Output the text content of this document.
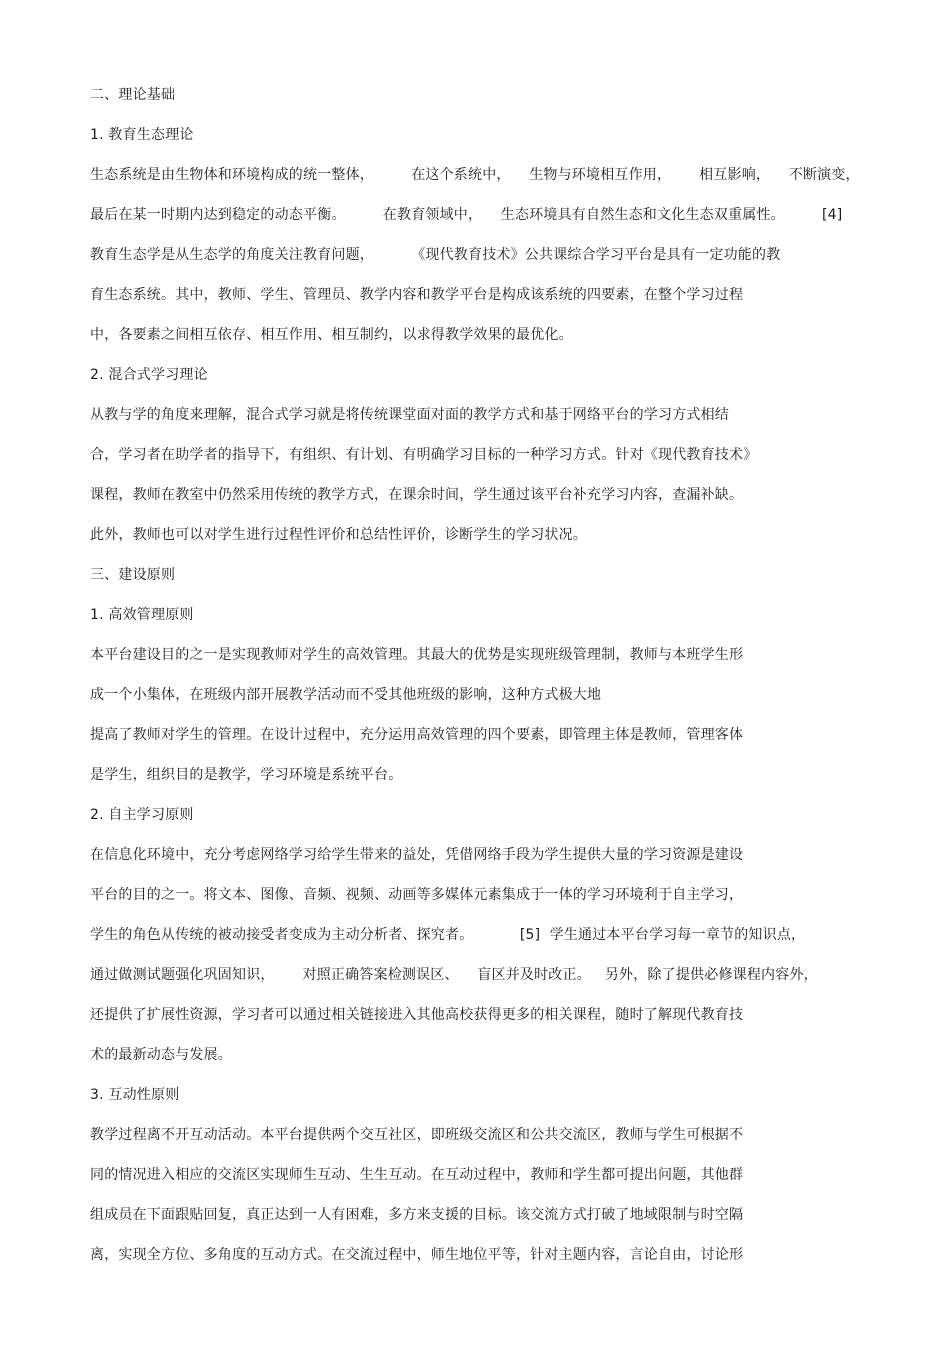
二、理论基础
1. 教育生态理论
生态系统是由生物体和环境构成的统一整体，        在这个系统中，    生物与环境相互作用，      相互影响，    不断演变，
最后在某一时期内达到稳定的动态平衡。        在教育领域中，    生态环境具有自然生态和文化生态双重属性。        [4]
教育生态学是从生态学的角度关注教育问题，        《现代教育技术》公共课综合学习平台是具有一定功能的教
育生态系统。其中，教师、学生、管理员、教学内容和教学平台是构成该系统的四要素，在整个学习过程
中，各要素之间相互依存、相互作用、相互制约，以求得教学效果的最优化。
2. 混合式学习理论
从教与学的角度来理解，混合式学习就是将传统课堂面对面的教学方式和基于网络平台的学习方式相结
合，学习者在助学者的指导下，有组织、有计划、有明确学习目标的一种学习方式。针对《现代教育技术》
课程，教师在教室中仍然采用传统的教学方式，在课余时间，学生通过该平台补充学习内容，查漏补缺。
此外，教师也可以对学生进行过程性评价和总结性评价，诊断学生的学习状况。
三、建设原则
1. 高效管理原则
本平台建设目的之一是实现教师对学生的高效管理。其最大的优势是实现班级管理制，教师与本班学生形
成一个小集体，在班级内部开展教学活动而不受其他班级的影响，这种方式极大地
提高了教师对学生的管理。在设计过程中，充分运用高效管理的四个要素，即管理主体是教师，管理客体
是学生，组织目的是教学，学习环境是系统平台。
2. 自主学习原则
在信息化环境中，充分考虑网络学习给学生带来的益处，凭借网络手段为学生提供大量的学习资源是建设
平台的目的之一。将文本、图像、音频、视频、动画等多媒体元素集成于一体的学习环境利于自主学习，
学生的角色从传统的被动接受者变成为主动分析者、探究者。          [5]  学生通过本平台学习每一章节的知识点，
通过做测试题强化巩固知识，      对照正确答案检测误区、    盲区并及时改正。   另外，除了提供必修课程内容外，
还提供了扩展性资源，学习者可以通过相关链接进入其他高校获得更多的相关课程，随时了解现代教育技
术的最新动态与发展。
3. 互动性原则
教学过程离不开互动活动。本平台提供两个交互社区，即班级交流区和公共交流区，教师与学生可根据不
同的情况进入相应的交流区实现师生互动、生生互动。在互动过程中，教师和学生都可提出问题，其他群
组成员在下面跟贴回复，真正达到一人有困难，多方来支援的目标。该交流方式打破了地域限制与时空隔
离，实现全方位、多角度的互动方式。在交流过程中，师生地位平等，针对主题内容，言论自由，讨论形
